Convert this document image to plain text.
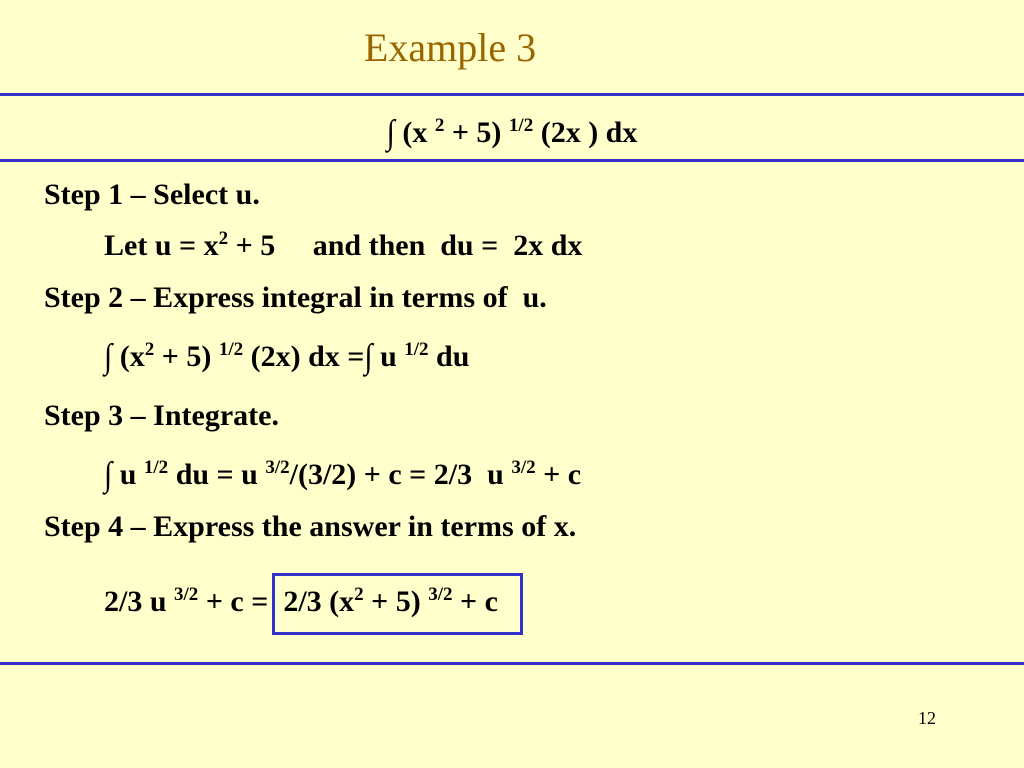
Example 3
∫ (x $^2$ + 5) $^{1/2}$ (2x ) dx
Step 1 – Select u.
Let $u = x^2 + 5$     and then  du =  2x dx
Step 2 – Express integral in terms of  u.
∫ $(x^2 + 5)$ $^{1/2}$ (2x) dx =∫ u $^{1/2}$ du
Step 3 – Integrate.
∫ u $^{1/2}$ du = u $^{3/2}$/(3/2) + c = 2/3  u $^{3/2}$ + c
Step 4 – Express the answer in terms of x.
2/3 u $^{3/2}$ + c = 2/3 $(x^2 + 5) ^{3/2} + c$
12
